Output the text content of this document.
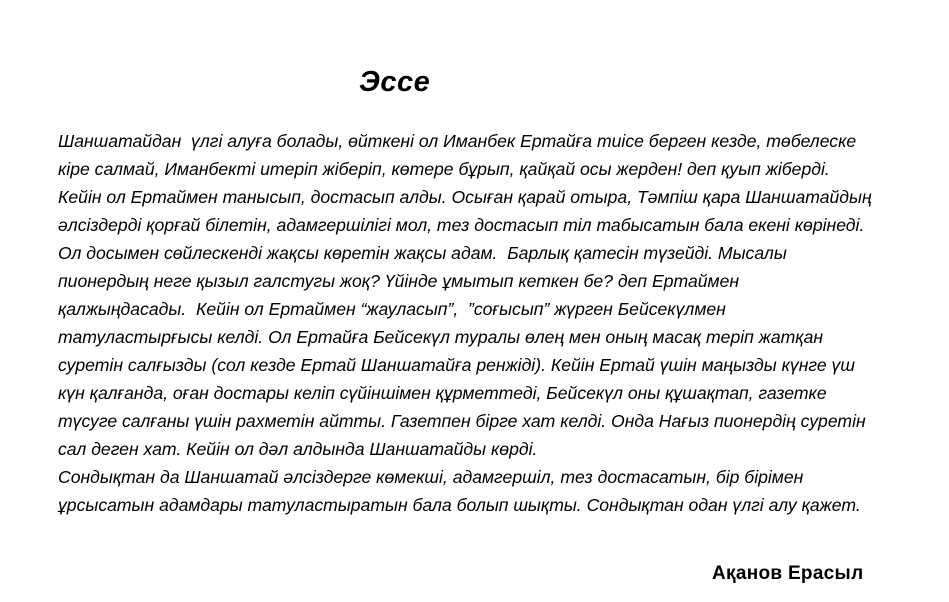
Эссе
Шаншатайдан  үлгі алуға болады, өйткені ол Иманбек Ертайға тиісе берген кезде, төбелеске
кіре салмай, Иманбекті итеріп жіберіп, көтере бұрып, қайқай осы жерден! деп қуып жіберді.
Кейін ол Ертаймен танысып, достасып алды. Осыған қарай отыра, Тәмпіш қара Шаншатайдың
әлсіздерді қорғай білетін, адамгершілігі мол, тез достасып тіл табысатын бала екені көрінеді.
Ол досымен сөйлескенді жақсы көретін жақсы адам.  Барлық қатесін түзейді. Мысалы
пионердың неге қызыл галстугы жоқ? Үйінде ұмытып кеткен бе? деп Ертаймен
қалжыңдасады.  Кейін ол Ертаймен “жауласып”,  ”соғысып” жүрген Бейсекүлмен
татуластырғысы келді. Ол Ертайға Бейсекүл туралы өлең мен оның масақ теріп жатқан
суретін салғызды (сол кезде Ертай Шаншатайға ренжіді). Кейін Ертай үшін маңызды күнге үш
күн қалғанда, оған достары келіп сүйіншімен құрметтеді, Бейсекүл оны құшақтап, газетке
түсуге салғаны үшін рахметін айтты. Газетпен бірге хат келді. Онда Нағыз пионердің суретін
сал деген хат. Кейін ол дәл алдында Шаншатайды көрді.
Сондықтан да Шаншатай әлсіздерге көмекші, адамгершіл, тез достасатын, бір бірімен
ұрсысатын адамдары татуластыратын бала болып шықты. Сондықтан одан үлгі алу қажет.
Ақанов Ерасыл
